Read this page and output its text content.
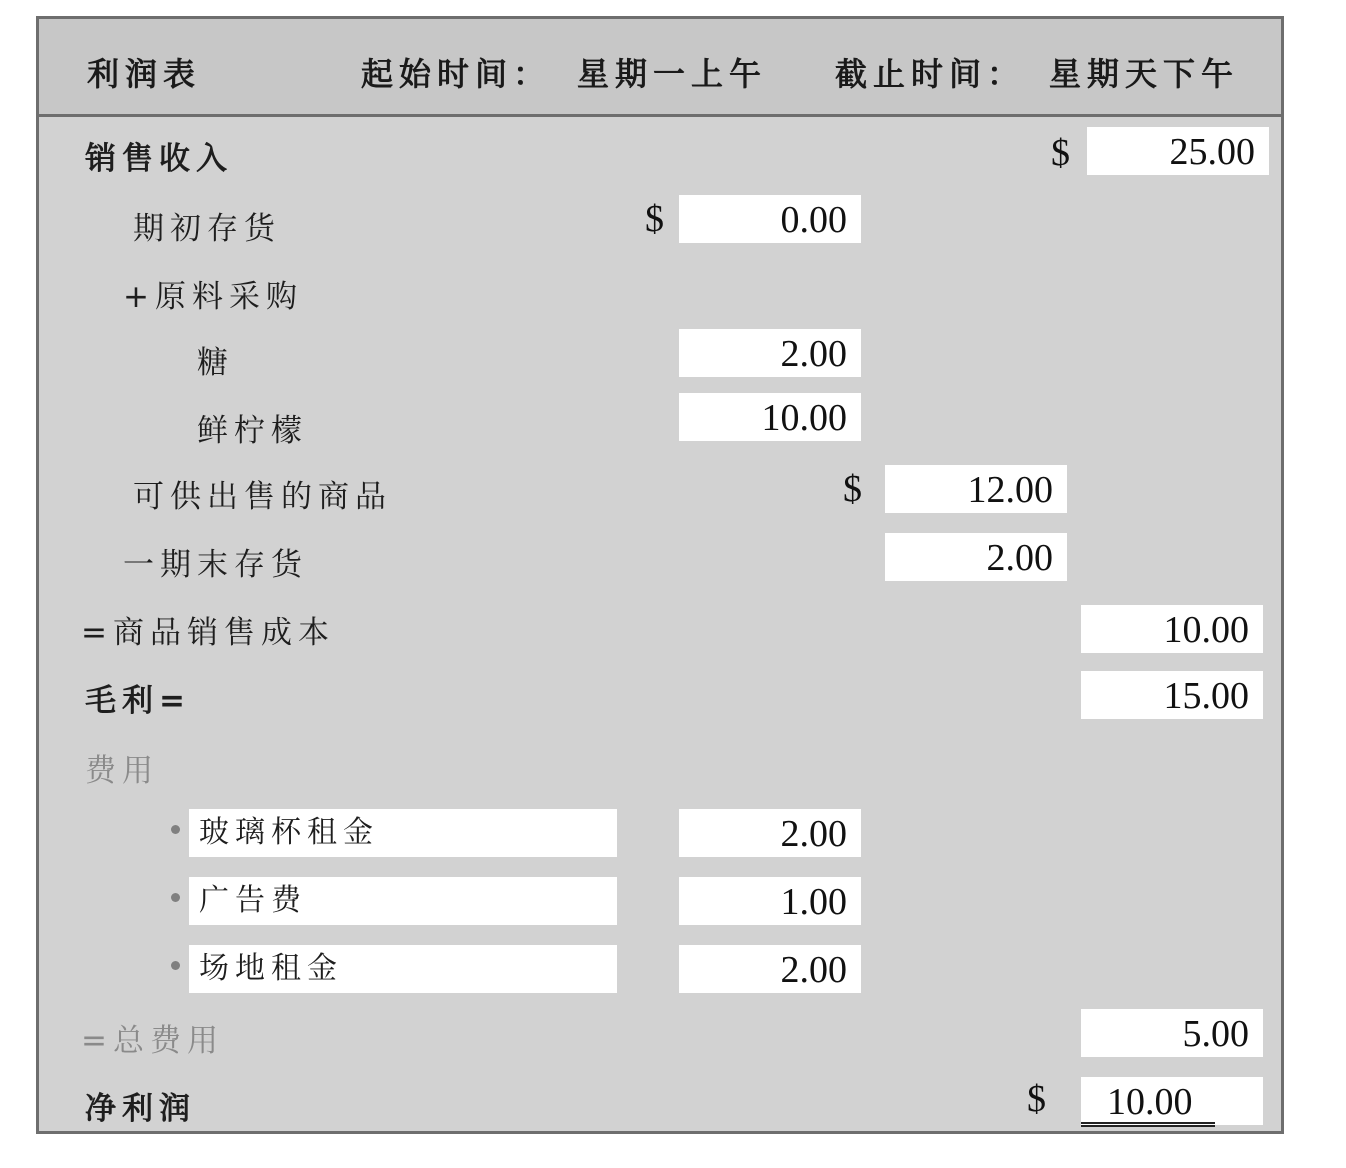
利润表	起始时间： 星期一上午 截止时间： 星期天下午
销售收入	$	25.00
期初存货	$	0.00
+原料采购
糖	2.00
鲜柠檬	10.00
可供出售的商品	$	12.00
一期末存货	2.00
=商品销售成本	10.00
毛利=	15.00
费用
玻璃杯租金	2.00
广告费	1.00
场地租金	2.00
=总费用	5.00
净利润	$	10.00
